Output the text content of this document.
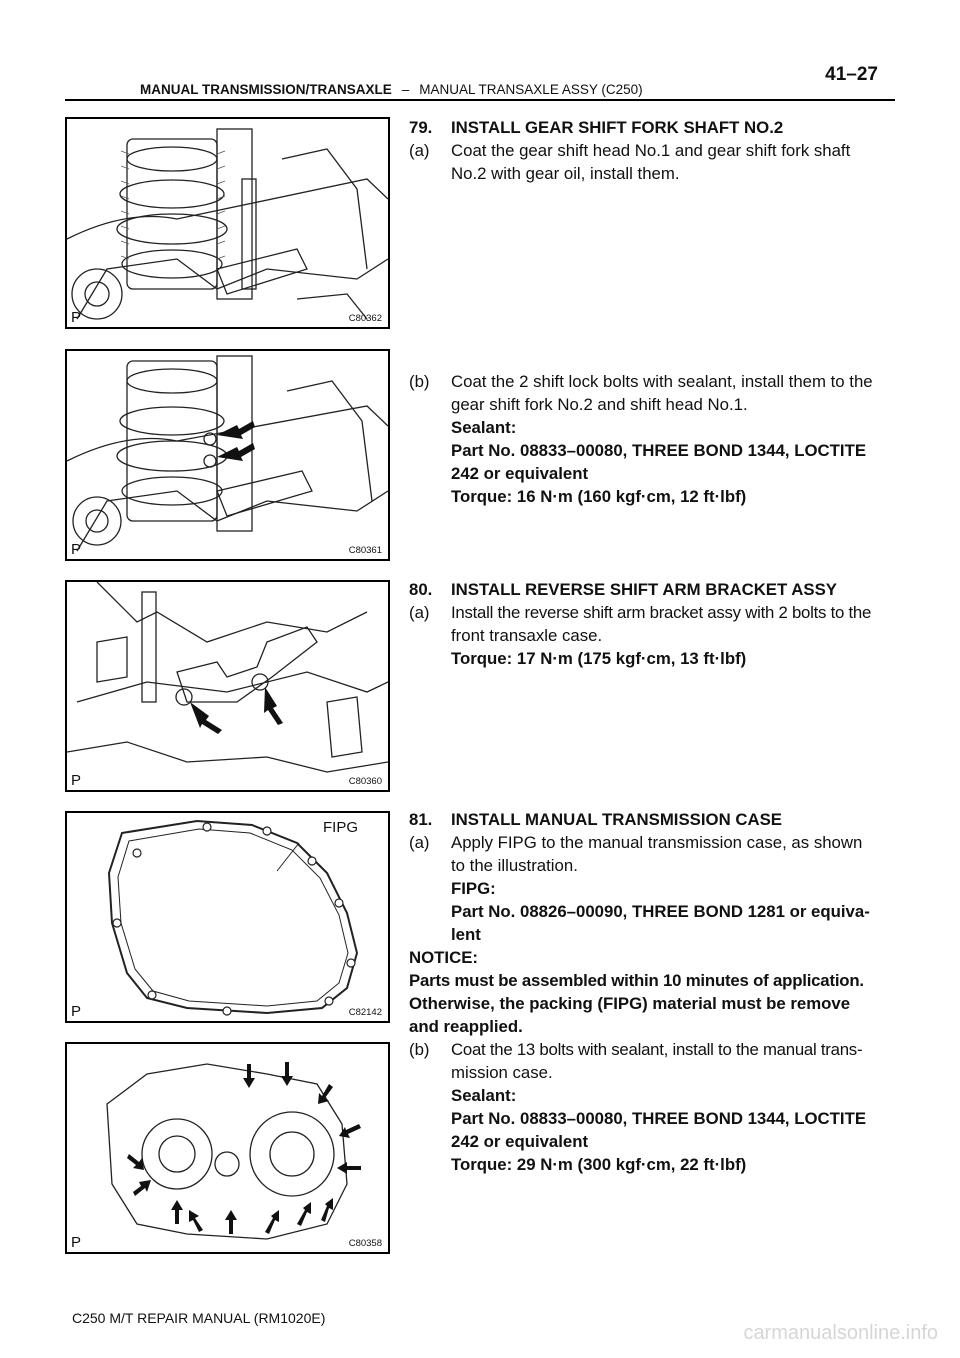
41–27
MANUAL TRANSMISSION/TRANSAXLE – MANUAL TRANSAXLE ASSY (C250)
P	C80362
P	C80361
P	C80360
FIPG
P	C82142
P	C80358
79.	INSTALL GEAR SHIFT FORK SHAFT NO.2
(a)	Coat the gear shift head No.1 and gear shift fork shaft
No.2 with gear oil, install them.
(b)	Coat the 2 shift lock bolts with sealant, install them to the
gear shift fork No.2 and shift head No.1.
Sealant:
Part No. 08833–00080, THREE BOND 1344, LOCTITE
242 or equivalent
Torque: 16 N·m (160 kgf·cm, 12 ft·lbf)
80.	INSTALL REVERSE SHIFT ARM BRACKET ASSY
(a)	Install the reverse shift arm bracket assy with 2 bolts to the
front transaxle case.
Torque: 17 N·m (175 kgf·cm, 13 ft·lbf)
81.	INSTALL MANUAL TRANSMISSION CASE
(a)	Apply FIPG to the manual transmission case, as shown
to the illustration.
FIPG:
Part No. 08826–00090, THREE BOND 1281 or equiva-
lent
NOTICE:
Parts must be assembled within 10 minutes of application.
Otherwise, the packing (FIPG) material must be remove
and reapplied.
(b)	Coat the 13 bolts with sealant, install to the manual trans-
mission case.
Sealant:
Part No. 08833–00080, THREE BOND 1344, LOCTITE
242 or equivalent
Torque: 29 N·m (300 kgf·cm, 22 ft·lbf)
C250 M/T REPAIR MANUAL (RM1020E)
carmanualsonline.info
